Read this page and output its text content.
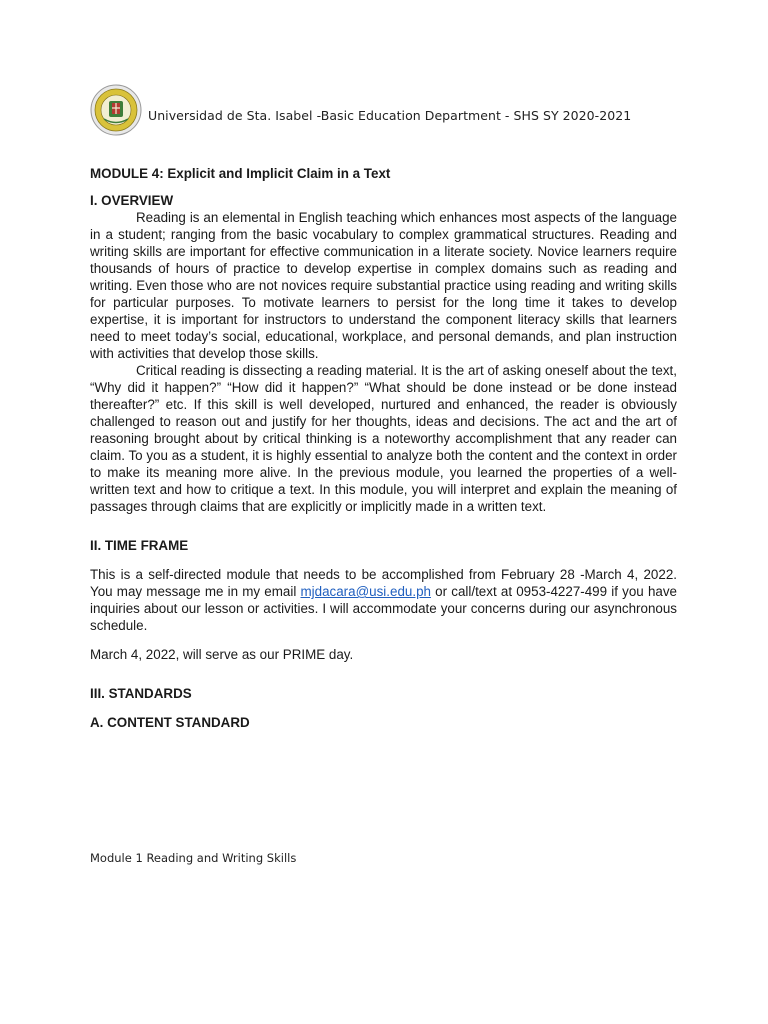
Universidad de Sta. Isabel -Basic Education Department - SHS SY 2020-2021

MODULE 4: Explicit and Implicit Claim in a Text

I. OVERVIEW

Reading is an elemental in English teaching which enhances most aspects of the language in a student; ranging from the basic vocabulary to complex grammatical structures. Reading and writing skills are important for effective communication in a literate society. Novice learners require thousands of hours of practice to develop expertise in complex domains such as reading and writing. Even those who are not novices require substantial practice using reading and writing skills for particular purposes. To motivate learners to persist for the long time it takes to develop expertise, it is important for instructors to understand the component literacy skills that learners need to meet today’s social, educational, workplace, and personal demands, and plan instruction with activities that develop those skills.

Critical reading is dissecting a reading material. It is the art of asking oneself about the text, “Why did it happen?” “How did it happen?” “What should be done instead or be done instead thereafter?” etc. If this skill is well developed, nurtured and enhanced, the reader is obviously challenged to reason out and justify for her thoughts, ideas and decisions. The act and the art of reasoning brought about by critical thinking is a noteworthy accomplishment that any reader can claim. To you as a student, it is highly essential to analyze both the content and the context in order to make its meaning more alive. In the previous module, you learned the properties of a well-written text and how to critique a text. In this module, you will interpret and explain the meaning of passages through claims that are explicitly or implicitly made in a written text.

II. TIME FRAME

This is a self-directed module that needs to be accomplished from February 28 -March 4, 2022. You may message me in my email mjdacara@usi.edu.ph or call/text at 0953-4227-499 if you have inquiries about our lesson or activities. I will accommodate your concerns during our asynchronous schedule.

March 4, 2022, will serve as our PRIME day.

III. STANDARDS

A. CONTENT STANDARD

Module 1 Reading and Writing Skills
